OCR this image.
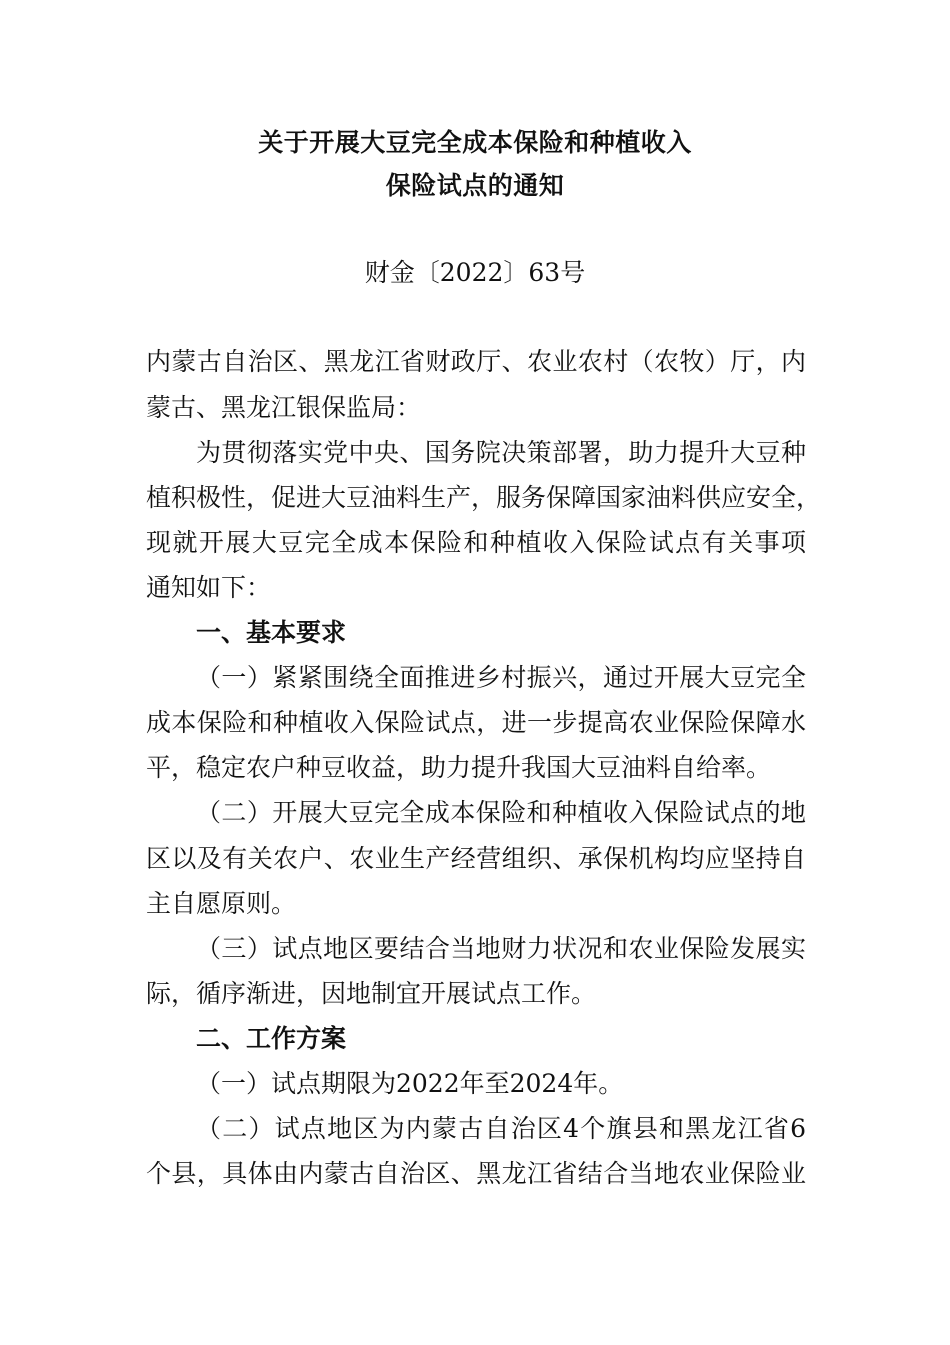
关于开展大豆完全成本保险和种植收入
保险试点的通知
财金〔2022〕63号
内蒙古自治区、黑龙江省财政厅、农业农村（农牧）厅，内
蒙古、黑龙江银保监局：
为贯彻落实党中央、国务院决策部署，助力提升大豆种
植积极性，促进大豆油料生产，服务保障国家油料供应安全，
现就开展大豆完全成本保险和种植收入保险试点有关事项
通知如下：
一、基本要求
（一）紧紧围绕全面推进乡村振兴，通过开展大豆完全
成本保险和种植收入保险试点，进一步提高农业保险保障水
平，稳定农户种豆收益，助力提升我国大豆油料自给率。
（二）开展大豆完全成本保险和种植收入保险试点的地
区以及有关农户、农业生产经营组织、承保机构均应坚持自
主自愿原则。
（三）试点地区要结合当地财力状况和农业保险发展实
际，循序渐进，因地制宜开展试点工作。
二、工作方案
（一）试点期限为2022年至2024年。
（二）试点地区为内蒙古自治区4个旗县和黑龙江省6
个县，具体由内蒙古自治区、黑龙江省结合当地农业保险业
